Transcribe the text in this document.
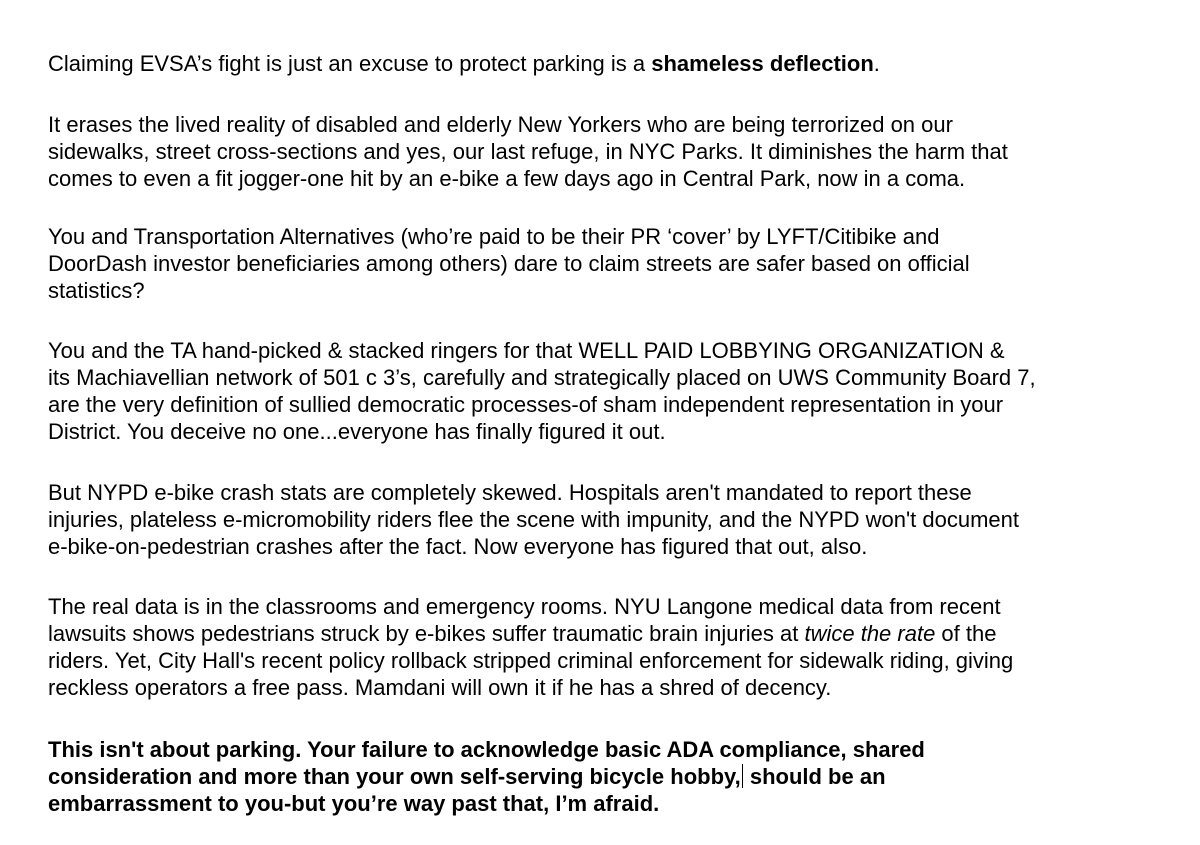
Claiming EVSA’s fight is just an excuse to protect parking is a shameless deflection.

It erases the lived reality of disabled and elderly New Yorkers who are being terrorized on our
sidewalks, street cross-sections and yes, our last refuge, in NYC Parks. It diminishes the harm that
comes to even a fit jogger-one hit by an e-bike a few days ago in Central Park, now in a coma.

You and Transportation Alternatives (who’re paid to be their PR ‘cover’ by LYFT/Citibike and
DoorDash investor beneficiaries among others) dare to claim streets are safer based on official
statistics?

You and the TA hand-picked & stacked ringers for that WELL PAID LOBBYING ORGANIZATION &
its Machiavellian network of 501 c 3’s, carefully and strategically placed on UWS Community Board 7,
are the very definition of sullied democratic processes-of sham independent representation in your
District. You deceive no one...everyone has finally figured it out.

But NYPD e-bike crash stats are completely skewed. Hospitals aren't mandated to report these
injuries, plateless e-micromobility riders flee the scene with impunity, and the NYPD won't document
e-bike-on-pedestrian crashes after the fact. Now everyone has figured that out, also.

The real data is in the classrooms and emergency rooms. NYU Langone medical data from recent
lawsuits shows pedestrians struck by e-bikes suffer traumatic brain injuries at twice the rate of the
riders. Yet, City Hall's recent policy rollback stripped criminal enforcement for sidewalk riding, giving
reckless operators a free pass. Mamdani will own it if he has a shred of decency.

This isn't about parking. Your failure to acknowledge basic ADA compliance, shared
consideration and more than your own self-serving bicycle hobby, should be an
embarrassment to you-but you’re way past that, I’m afraid.
